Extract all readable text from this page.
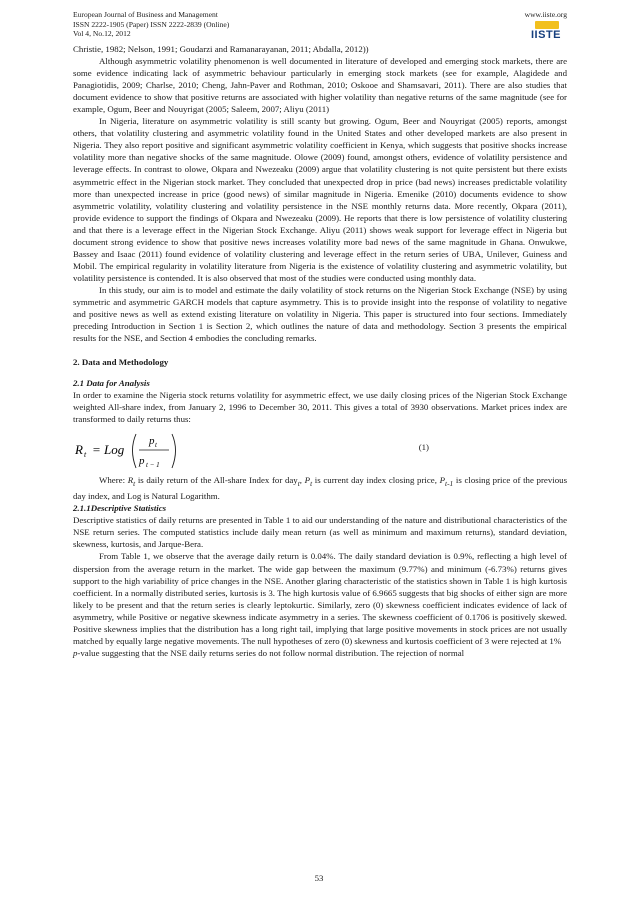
European Journal of Business and Management
ISSN 2222-1905 (Paper) ISSN 2222-2839 (Online)
Vol 4, No.12, 2012
www.iiste.org
IISTE

Christie, 1982; Nelson, 1991; Goudarzi and Ramanarayanan, 2011; Abdalla, 2012))

Although asymmetric volatility phenomenon is well documented in literature of developed and emerging stock markets, there are some evidence indicating lack of asymmetric behaviour particularly in emerging stock markets (see for example, Alagidede and Panagiotidis, 2009; Charlse, 2010; Cheng, Jahn-Paver and Rothman, 2010; Oskooe and Shamsavari, 2011). There are also studies that document evidence to show that positive returns are associated with higher volatility than negative returns of the same magnitude (see for example, Ogum, Beer and Nouyrigat (2005; Saleem, 2007; Aliyu (2011)

In Nigeria, literature on asymmetric volatility is still scanty but growing. Ogum, Beer and Nouyrigat (2005) reports, amongst others, that volatility clustering and asymmetric volatility found in the United States and other developed markets are also present in Nigeria. They also report positive and significant asymmetric volatility coefficient in Kenya, which suggests that positive shocks increase volatility more than negative shocks of the same magnitude. Olowe (2009) found, amongst others, evidence of volatility persistence and leverage effects. In contrast to olowe, Okpara and Nwezeaku (2009) argue that volatility clustering is not quite persistent but there exists asymmetric effect in the Nigerian stock market. They concluded that unexpected drop in price (bad news) increases predictable volatility more than unexpected increase in price (good news) of similar magnitude in Nigeria. Emenike (2010) documents evidence to show asymmetric volatility, volatility clustering and volatility persistence in the NSE monthly returns data. More recently, Okpara (2011), provide evidence to support the findings of Okpara and Nwezeaku (2009). He reports that there is low persistence of volatility clustering and that there is a leverage effect in the Nigerian Stock Exchange. Aliyu (2011) shows weak support for leverage effect in Nigeria but document strong evidence to show that positive news increases volatility more bad news of the same magnitude in Ghana. Onwukwe, Bassey and Isaac (2011) found evidence of volatility clustering and leverage effect in the return series of UBA, Unilever, Guiness and Mobil. The empirical regularity in volatility literature from Nigeria is the existence of volatility clustering and asymmetric volatility, but volatility persistence is contended. It is also observed that most of the studies were conducted using monthly data.

In this study, our aim is to model and estimate the daily volatility of stock returns on the Nigerian Stock Exchange (NSE) by using symmetric and asymmetric GARCH models that capture asymmetry. This is to provide insight into the response of volatility to negative and positive news as well as extend existing literature on volatility in Nigeria. This paper is structured into four sections. Immediately preceding Introduction in Section 1 is Section 2, which outlines the nature of data and methodology. Section 3 presents the empirical results for the NSE, and Section 4 embodies the concluding remarks.

2. Data and Methodology

2.1 Data for Analysis

In order to examine the Nigeria stock returns volatility for asymmetric effect, we use daily closing prices of the Nigerian Stock Exchange weighted All-share index, from January 2, 1996 to December 30, 2011. This gives a total of 3930 observations. Market prices index are transformed to daily returns thus:

R t = Log
p t
p t − 1
(1)

Where: $R_t$ is daily return of the All-share Index for day$_t$, $P_t$ is current day index closing price, $P_{t-1}$ is closing price of the previous day index, and Log is Natural Logarithm.

2.1.1Descriptive Statistics

Descriptive statistics of daily returns are presented in Table 1 to aid our understanding of the nature and distributional characteristics of the NSE return series. The computed statistics include daily mean return (as well as minimum and maximum returns), standard deviation, skewness, kurtosis, and Jarque-Bera.

From Table 1, we observe that the average daily return is 0.04%. The daily standard deviation is 0.9%, reflecting a high level of dispersion from the average return in the market. The wide gap between the maximum (9.77%) and minimum (-6.73%) returns gives support to the high variability of price changes in the NSE. Another glaring characteristic of the statistics shown in Table 1 is high kurtosis coefficient. In a normally distributed series, kurtosis is 3. The high kurtosis value of 6.9665 suggests that big shocks of either sign are more likely to be present and that the return series is clearly leptokurtic. Similarly, zero (0) skewness coefficient indicates evidence of lack of asymmetry, while Positive or negative skewness indicate asymmetry in a series. The skewness coefficient of 0.1706 is positively skewed. Positive skewness implies that the distribution has a long right tail, implying that large positive movements in stock prices are not usually matched by equally large negative movements. The null hypotheses of zero (0) skewness and kurtosis coefficient of 3 were rejected at 1%

p-value suggesting that the NSE daily returns series do not follow normal distribution. The rejection of normal

53
